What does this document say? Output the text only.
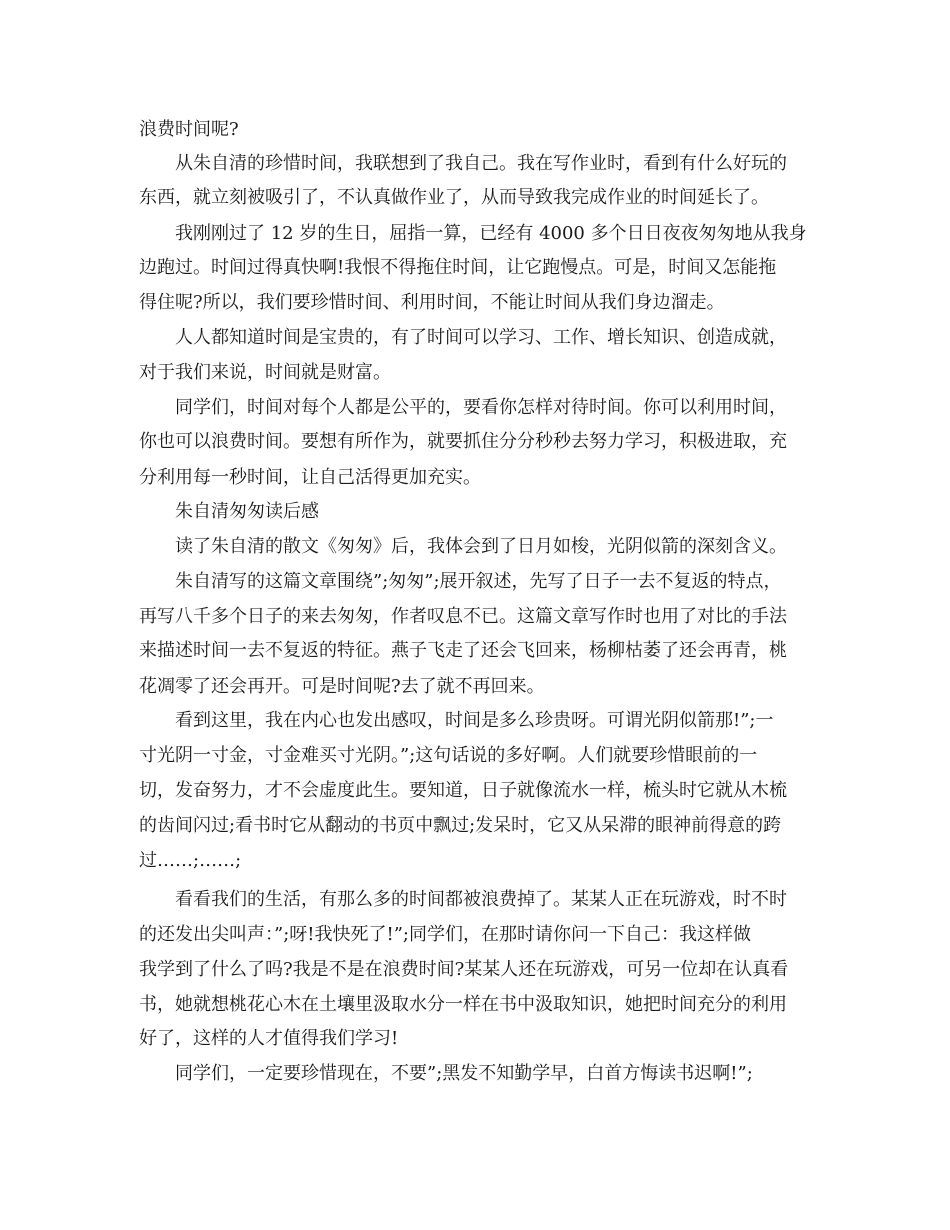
浪费时间呢?

从朱自清的珍惜时间，我联想到了我自己。我在写作业时，看到有什么好玩的

东西，就立刻被吸引了，不认真做作业了，从而导致我完成作业的时间延长了。

我刚刚过了 12 岁的生日，屈指一算，已经有 4000 多个日日夜夜匆匆地从我身

边跑过。时间过得真快啊!我恨不得拖住时间，让它跑慢点。可是，时间又怎能拖

得住呢?所以，我们要珍惜时间、利用时间，不能让时间从我们身边溜走。

人人都知道时间是宝贵的，有了时间可以学习、工作、增长知识、创造成就，

对于我们来说，时间就是财富。

同学们，时间对每个人都是公平的，要看你怎样对待时间。你可以利用时间，

你也可以浪费时间。要想有所作为，就要抓住分分秒秒去努力学习，积极进取，充

分利用每一秒时间，让自己活得更加充实。

朱自清匆匆读后感

读了朱自清的散文《匆匆》后，我体会到了日月如梭，光阴似箭的深刻含义。

朱自清写的这篇文章围绕”;匆匆”;展开叙述，先写了日子一去不复返的特点，

再写八千多个日子的来去匆匆，作者叹息不已。这篇文章写作时也用了对比的手法

来描述时间一去不复返的特征。燕子飞走了还会飞回来，杨柳枯萎了还会再青，桃

花凋零了还会再开。可是时间呢?去了就不再回来。

看到这里，我在内心也发出感叹，时间是多么珍贵呀。可谓光阴似箭那!”;一

寸光阴一寸金，寸金难买寸光阴。”;这句话说的多好啊。人们就要珍惜眼前的一

切，发奋努力，才不会虚度此生。要知道，日子就像流水一样，梳头时它就从木梳

的齿间闪过;看书时它从翻动的书页中飘过;发呆时，它又从呆滞的眼神前得意的跨

过……;……;

看看我们的生活，有那么多的时间都被浪费掉了。某某人正在玩游戏，时不时

的还发出尖叫声：”;呀!我快死了!”;同学们，在那时请你问一下自己：我这样做

我学到了什么了吗?我是不是在浪费时间?某某人还在玩游戏，可另一位却在认真看

书，她就想桃花心木在土壤里汲取水分一样在书中汲取知识，她把时间充分的利用

好了，这样的人才值得我们学习!

同学们，一定要珍惜现在，不要”;黑发不知勤学早，白首方悔读书迟啊!”;
